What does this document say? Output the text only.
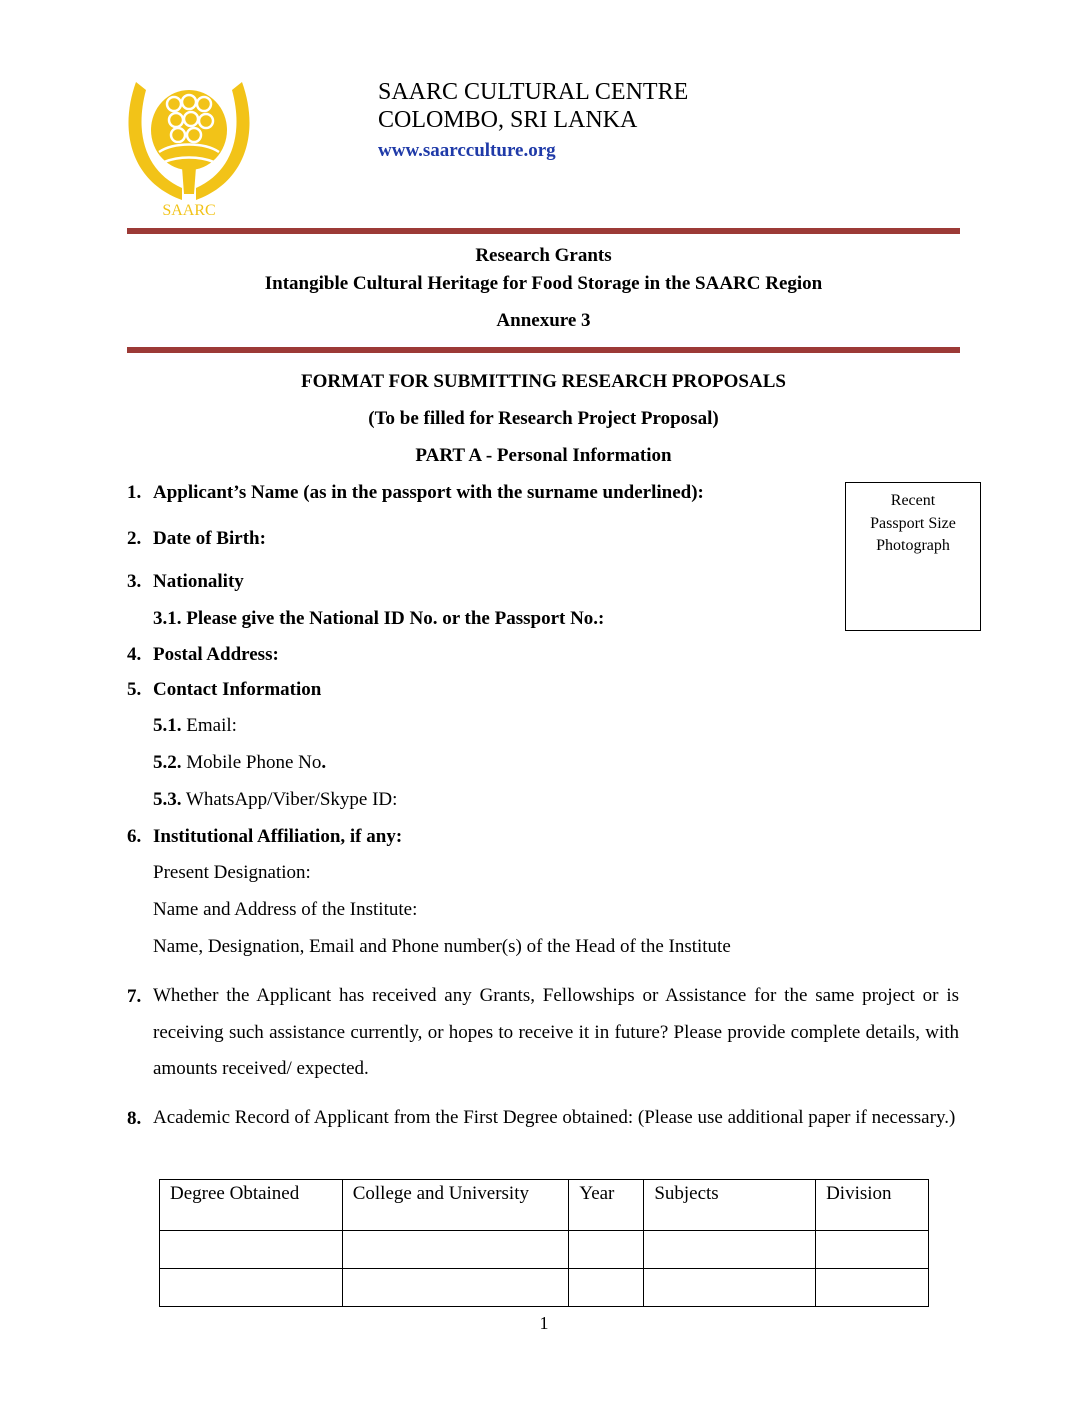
SAARC
SAARC CULTURAL CENTRE
COLOMBO, SRI LANKA
www.saarcculture.org
Research Grants
Intangible Cultural Heritage for Food Storage in the SAARC Region
Annexure 3
FORMAT FOR SUBMITTING RESEARCH PROPOSALS
(To be filled for Research Project Proposal)
PART A - Personal Information
Recent
Passport Size
Photograph
1. Applicant’s Name (as in the passport with the surname underlined):
2. Date of Birth:
3. Nationality
3.1. Please give the National ID No. or the Passport No.:
4. Postal Address:
5. Contact Information
5.1. Email:
5.2. Mobile Phone No.
5.3. WhatsApp/Viber/Skype ID:
6. Institutional Affiliation, if any:
Present Designation:
Name and Address of the Institute:
Name, Designation, Email and Phone number(s) of the Head of the Institute
7. Whether the Applicant has received any Grants, Fellowships or Assistance for the same project or is receiving such assistance currently, or hopes to receive it in future? Please provide complete details, with amounts received/ expected.
8. Academic Record of Applicant from the First Degree obtained: (Please use additional paper if necessary.)
Degree Obtained	College and University	Year	Subjects	Division

1
